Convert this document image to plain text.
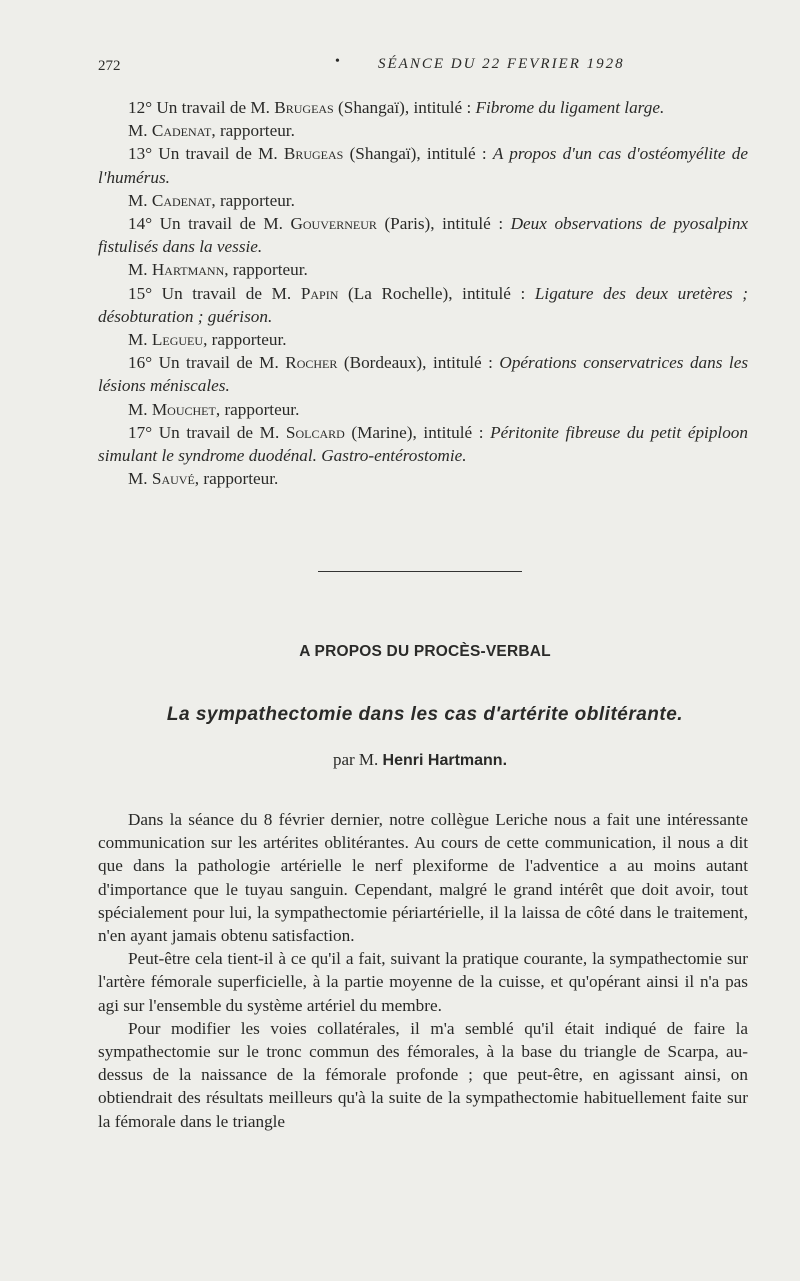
272	•	SÉANCE DU 22 FEVRIER 1928

12° Un travail de M. Brugeas (Shangaï), intitulé : Fibrome du ligament large.

M. Cadenat, rapporteur.

13° Un travail de M. Brugeas (Shangaï), intitulé : A propos d'un cas d'ostéomyélite de l'humérus.

M. Cadenat, rapporteur.

14° Un travail de M. Gouverneur (Paris), intitulé : Deux observations de pyosalpinx fistulisés dans la vessie.

M. Hartmann, rapporteur.

15° Un travail de M. Papin (La Rochelle), intitulé : Ligature des deux uretères ; désobturation ; guérison.

M. Legueu, rapporteur.

16° Un travail de M. Rocher (Bordeaux), intitulé : Opérations conservatrices dans les lésions méniscales.

M. Mouchet, rapporteur.

17° Un travail de M. Solcard (Marine), intitulé : Péritonite fibreuse du petit épiploon simulant le syndrome duodénal. Gastro-entérostomie.

M. Sauvé, rapporteur.

A PROPOS DU PROCÈS-VERBAL
La sympathectomie dans les cas d'artérite oblitérante.
par M. Henri Hartmann.

Dans la séance du 8 février dernier, notre collègue Leriche nous a fait une intéressante communication sur les artérites oblitérantes. Au cours de cette communication, il nous a dit que dans la pathologie artérielle le nerf plexiforme de l'adventice a au moins autant d'importance que le tuyau sanguin. Cependant, malgré le grand intérêt que doit avoir, tout spécialement pour lui, la sympathectomie périartérielle, il la laissa de côté dans le traitement, n'en ayant jamais obtenu satisfaction.

Peut-être cela tient-il à ce qu'il a fait, suivant la pratique courante, la sympathectomie sur l'artère fémorale superficielle, à la partie moyenne de la cuisse, et qu'opérant ainsi il n'a pas agi sur l'ensemble du système artériel du membre.

Pour modifier les voies collatérales, il m'a semblé qu'il était indiqué de faire la sympathectomie sur le tronc commun des fémorales, à la base du triangle de Scarpa, au-dessus de la naissance de la fémorale profonde ; que peut-être, en agissant ainsi, on obtiendrait des résultats meilleurs qu'à la suite de la sympathectomie habituellement faite sur la fémorale dans le triangle
